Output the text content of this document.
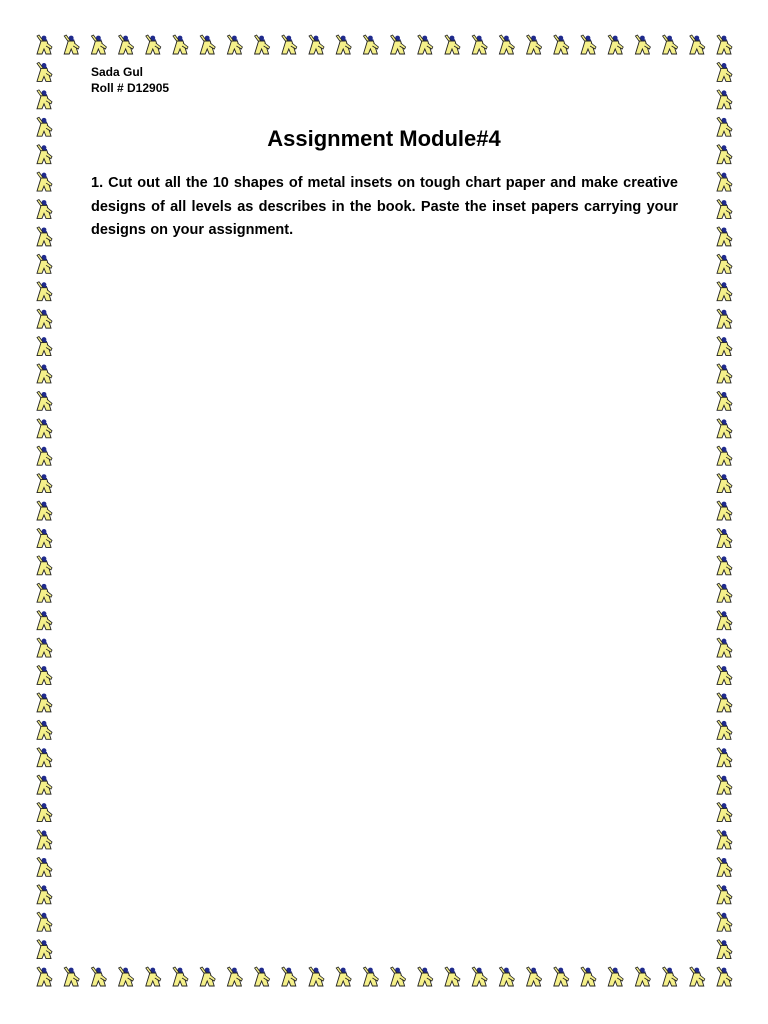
Sada Gul
Roll # D12905
Assignment Module#4

1. Cut out all the 10 shapes of metal insets on tough chart paper and make creative designs of all levels as describes in the book. Paste the inset papers carrying your designs on your assignment.
